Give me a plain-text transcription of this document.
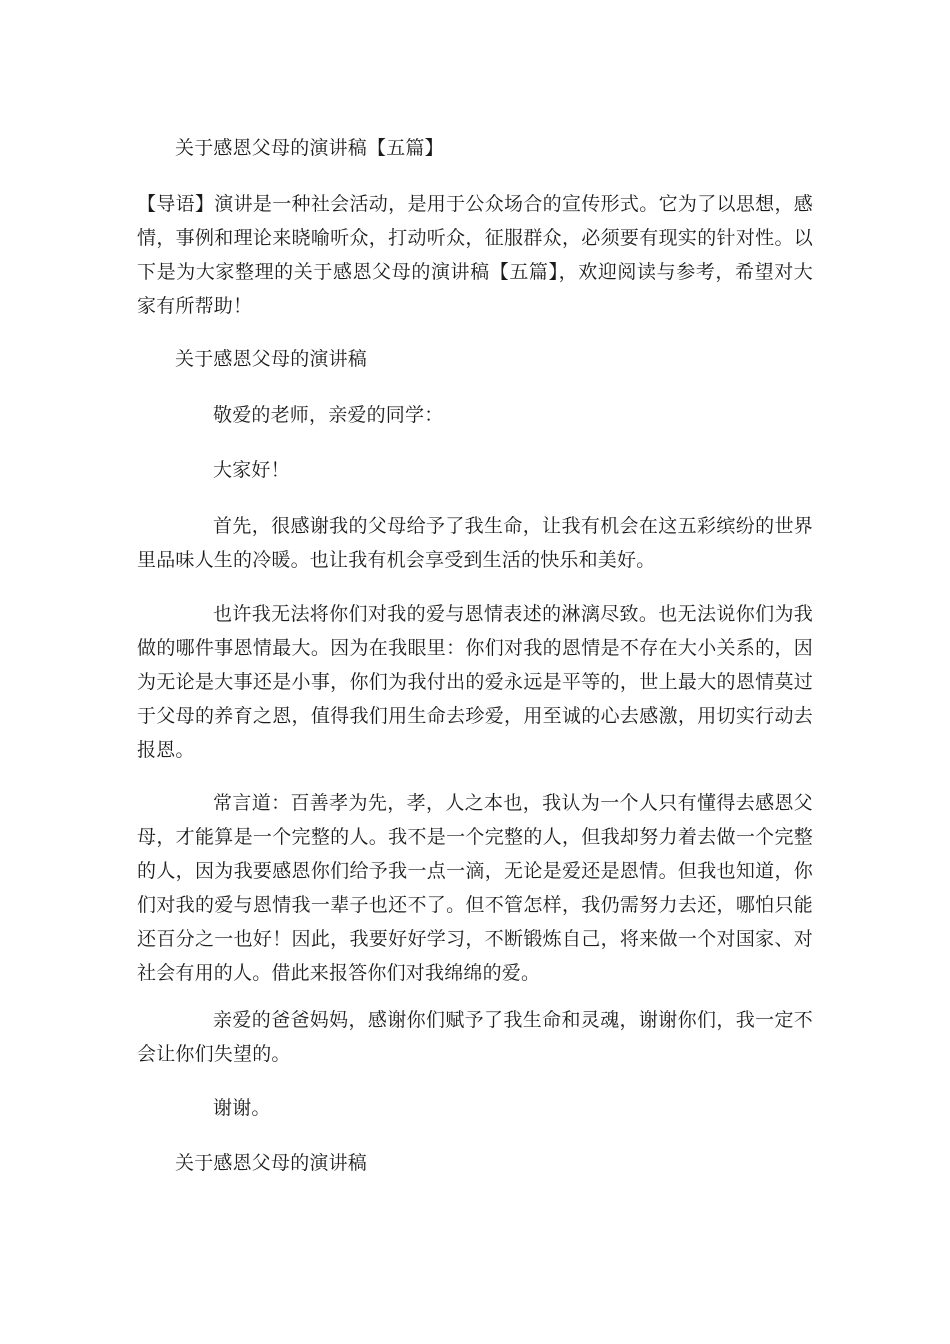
关于感恩父母的演讲稿【五篇】

【导语】演讲是一种社会活动，是用于公众场合的宣传形式。它为了以思想，感情，事例和理论来晓喻听众，打动听众，征服群众，必须要有现实的针对性。以下是为大家整理的关于感恩父母的演讲稿【五篇】，欢迎阅读与参考，希望对大家有所帮助！

关于感恩父母的演讲稿

敬爱的老师，亲爱的同学：

大家好！

首先，很感谢我的父母给予了我生命，让我有机会在这五彩缤纷的世界里品味人生的冷暖。也让我有机会享受到生活的快乐和美好。

也许我无法将你们对我的爱与恩情表述的淋漓尽致。也无法说你们为我做的哪件事恩情最大。因为在我眼里：你们对我的恩情是不存在大小关系的，因为无论是大事还是小事，你们为我付出的爱永远是平等的，世上最大的恩情莫过于父母的养育之恩，值得我们用生命去珍爱，用至诚的心去感激，用切实行动去报恩。

常言道：百善孝为先，孝，人之本也，我认为一个人只有懂得去感恩父母，才能算是一个完整的人。我不是一个完整的人，但我却努力着去做一个完整的人，因为我要感恩你们给予我一点一滴，无论是爱还是恩情。但我也知道，你们对我的爱与恩情我一辈子也还不了。但不管怎样，我仍需努力去还，哪怕只能还百分之一也好！因此，我要好好学习，不断锻炼自己，将来做一个对国家、对社会有用的人。借此来报答你们对我绵绵的爱。

亲爱的爸爸妈妈，感谢你们赋予了我生命和灵魂，谢谢你们，我一定不会让你们失望的。

谢谢。

关于感恩父母的演讲稿
